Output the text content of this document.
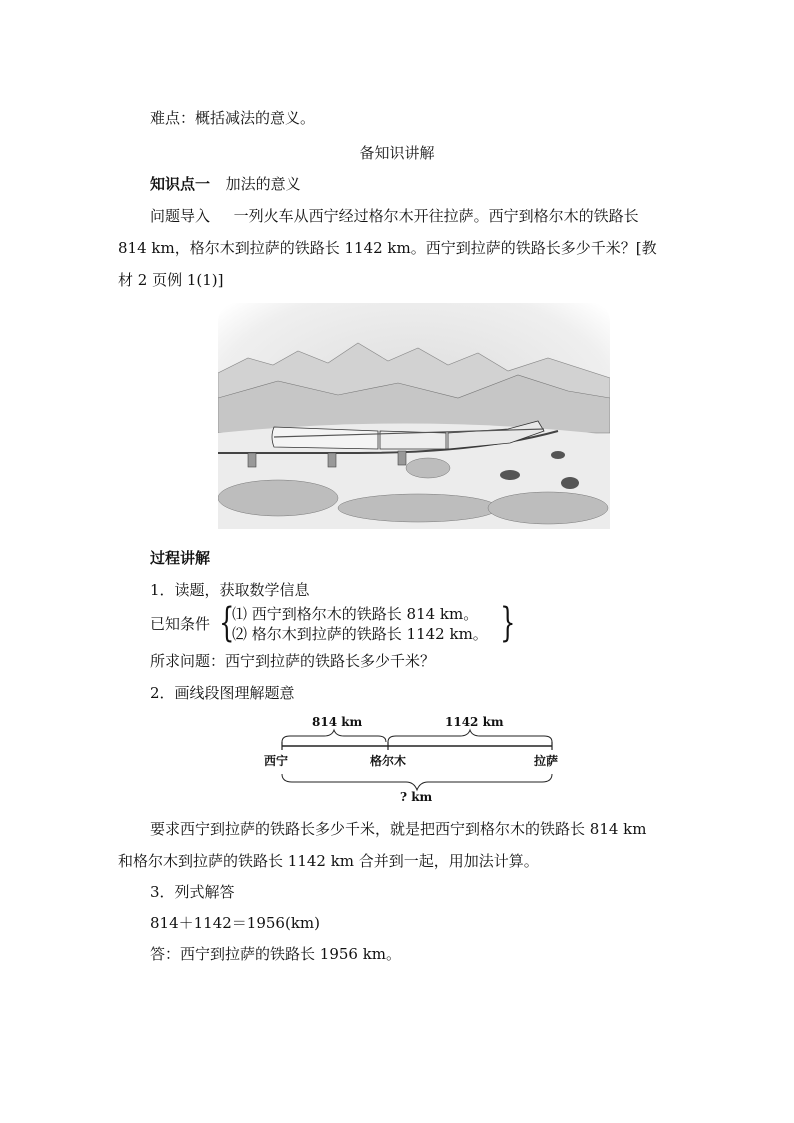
难点：概括减法的意义。
备知识讲解
知识点一 加法的意义
问题导入 一列火车从西宁经过格尔木开往拉萨。西宁到格尔木的铁路长
814 km，格尔木到拉萨的铁路长 1142 km。西宁到拉萨的铁路长多少千米？[教
材 2 页例 1(1)]
过程讲解
1．读题，获取数学信息
已知条件 {
⑴ 西宁到格尔木的铁路长 814 km。
⑵ 格尔木到拉萨的铁路长 1142 km。 }
所求问题：西宁到拉萨的铁路长多少千米？
2．画线段图理解题意
814 km	1142 km
西宁	格尔木	拉萨
? km
要求西宁到拉萨的铁路长多少千米，就是把西宁到格尔木的铁路长 814 km
和格尔木到拉萨的铁路长 1142 km 合并到一起，用加法计算。
3．列式解答
814＋1142＝1956(km)
答：西宁到拉萨的铁路长 1956 km。
